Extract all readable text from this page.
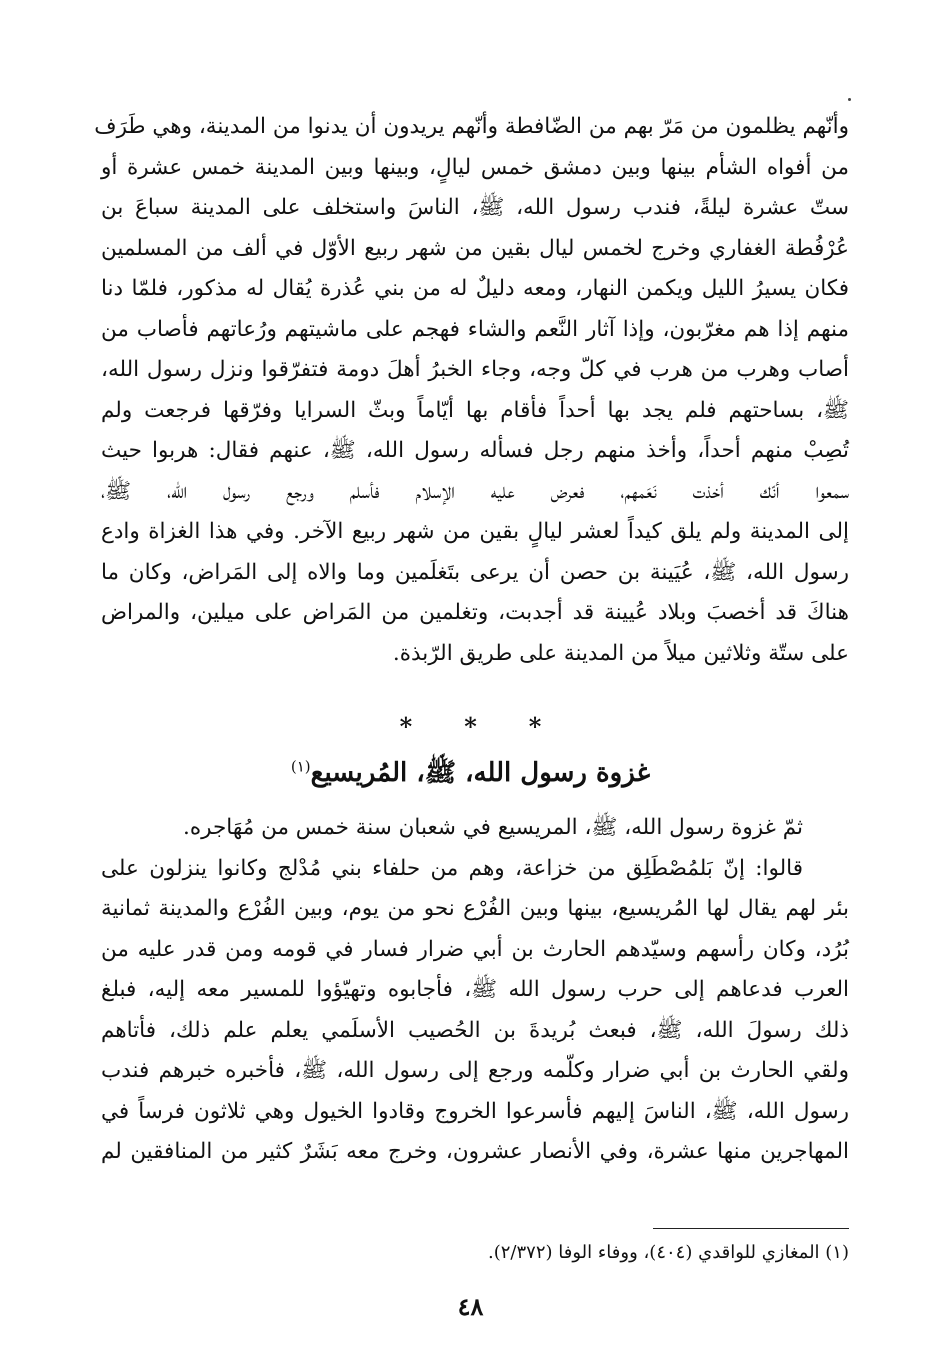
وأنّهم يظلمون من مَرّ بهم من الضّافطة وأنّهم يريدون أن يدنوا من المدينة، وهي طَرَف
من أفواه الشأم بينها وبين دمشق خمس ليالٍ، وبينها وبين المدينة خمس عشرة أو
ستّ عشرة ليلةً، فندب رسول الله، ﷺ، الناسَ واستخلف على المدينة سباعَ بن
عُرْفُطة الغفاري وخرج لخمس ليال بقين من شهر ربيع الأوّل في ألف من المسلمين
فكان يسيرُ الليل ويكمن النهار، ومعه دليلٌ له من بني عُذرة يُقال له مذكور، فلمّا دنا
منهم إذا هم مغرّبون، وإذا آثار النَّعم والشاء فهجم على ماشيتهم ورُعاتهم فأصاب من
أصاب وهرب من هرب في كلّ وجه، وجاء الخبرُ أهلَ دومة فتفرّقوا ونزل رسول الله،
ﷺ، بساحتهم فلم يجد بها أحداً فأقام بها أيّاماً وبثّ السرايا وفرّقها فرجعت ولم
تُصِبْ منهم أحداً، وأخذ منهم رجل فسأله رسول الله، ﷺ، عنهم فقال: هربوا حيث
سمعوا أنّك أخذت نَعَمهم، فعرض عليه الإسلام فأسلم ورجع رسول الله، ﷺ،
إلى المدينة ولم يلق كيداً لعشر ليالٍ بقين من شهر ربيع الآخر. وفي هذا الغزاة وادع
رسول الله، ﷺ، عُيَينة بن حصن أن يرعى بتَغلَمين وما والاه إلى المَراض، وكان ما
هناكَ قد أخصبَ وبلاد عُيينة قد أجدبت، وتغلمين من المَراض على ميلين، والمراض
على ستّة وثلاثين ميلاً من المدينة على طريق الرّبذة.
* * *
غزوة رسول الله، ﷺ، المُريسيع$^{(١)}$
ثمّ غزوة رسول الله، ﷺ، المريسيع في شعبان سنة خمس من مُهَاجره.
قالوا: إنّ بَلمُصْطَلِق من خزاعة، وهم من حلفاء بني مُدْلج وكانوا ينزلون على
بئر لهم يقال لها المُريسيع، بينها وبين الفُرْع نحو من يوم، وبين الفُرْع والمدينة ثمانية
بُرُد، وكان رأسهم وسيّدهم الحارث بن أبي ضرار فسار في قومه ومن قدر عليه من
العرب فدعاهم إلى حرب رسول الله ﷺ، فأجابوه وتهيّؤوا للمسير معه إليه، فبلغ
ذلك رسولَ الله، ﷺ، فبعث بُريدةَ بن الحُصيب الأسلَمي يعلم علم ذلك، فأتاهم
ولقي الحارث بن أبي ضرار وكلّمه ورجع إلى رسول الله، ﷺ، فأخبره خبرهم فندب
رسول الله، ﷺ، الناسَ إليهم فأسرعوا الخروج وقادوا الخيول وهي ثلاثون فرساً في
المهاجرين منها عشرة، وفي الأنصار عشرون، وخرج معه بَشَرٌ كثير من المنافقين لم
(١) المغازي للواقدي (٤٠٤)، ووفاء الوفا (٢/٣٧٢).
٤٨
